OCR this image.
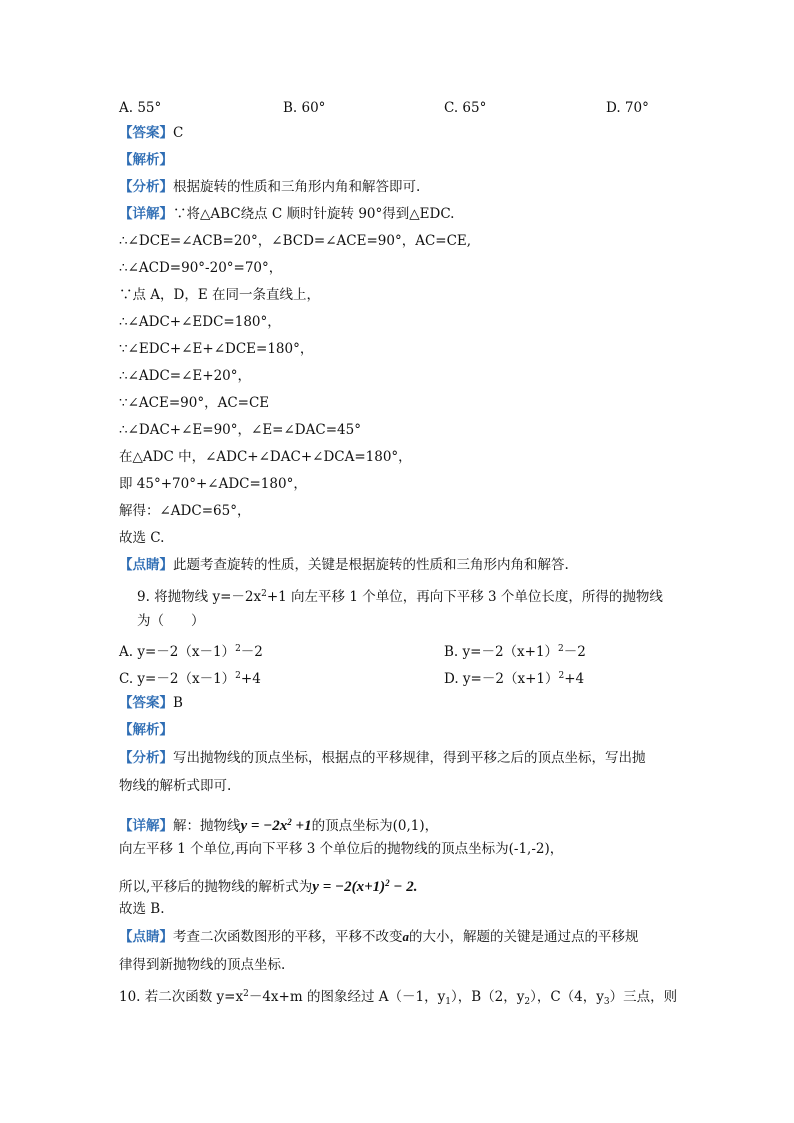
A. 55°	B. 60°	C. 65°	D. 70°
【答案】C
【解析】
【分析】根据旋转的性质和三角形内角和解答即可.
【详解】∵将△ABC绕点 C 顺时针旋转 90°得到△EDC.
∴∠DCE=∠ACB=20°，∠BCD=∠ACE=90°，AC=CE,
∴∠ACD=90°-20°=70°，
∵点 A，D，E 在同一条直线上，
∴∠ADC+∠EDC=180°，
∵∠EDC+∠E+∠DCE=180°，
∴∠ADC=∠E+20°，
∵∠ACE=90°，AC=CE
∴∠DAC+∠E=90°，∠E=∠DAC=45°
在△ADC 中，∠ADC+∠DAC+∠DCA=180°，
即 45°+70°+∠ADC=180°，
解得：∠ADC=65°，
故选 C.
【点睛】此题考查旋转的性质，关键是根据旋转的性质和三角形内角和解答.
9. 将抛物线 $y=-2x^2+1$ 向左平移 1 个单位，再向下平移 3 个单位长度，所得的抛物线
为（　　）
A. $y=-2(x-1)^2-2$	B. $y=-2(x+1)^2-2$
C. $y=-2(x-1)^2+4$	D. $y=-2(x+1)^2+4$
【答案】B
【解析】
【分析】写出抛物线的顶点坐标，根据点的平移规律，得到平移之后的顶点坐标，写出抛
物线的解析式即可.
【详解】解：抛物线$y = -2x^2 +1$的顶点坐标为(0,1)，
向左平移 1 个单位,再向下平移 3 个单位后的抛物线的顶点坐标为(-1,-2)，
所以,平移后的抛物线的解析式为$y = -2(x+1)^2 - 2$.
故选 B.
【点睛】考查二次函数图形的平移，平移不改变a的大小，解题的关键是通过点的平移规
律得到新抛物线的顶点坐标.
10. 若二次函数 $y=x^2-4x+m$ 的图象经过 A（－1，$y_1$），B（2，$y_2$），C（4，$y_3$）三点，则
